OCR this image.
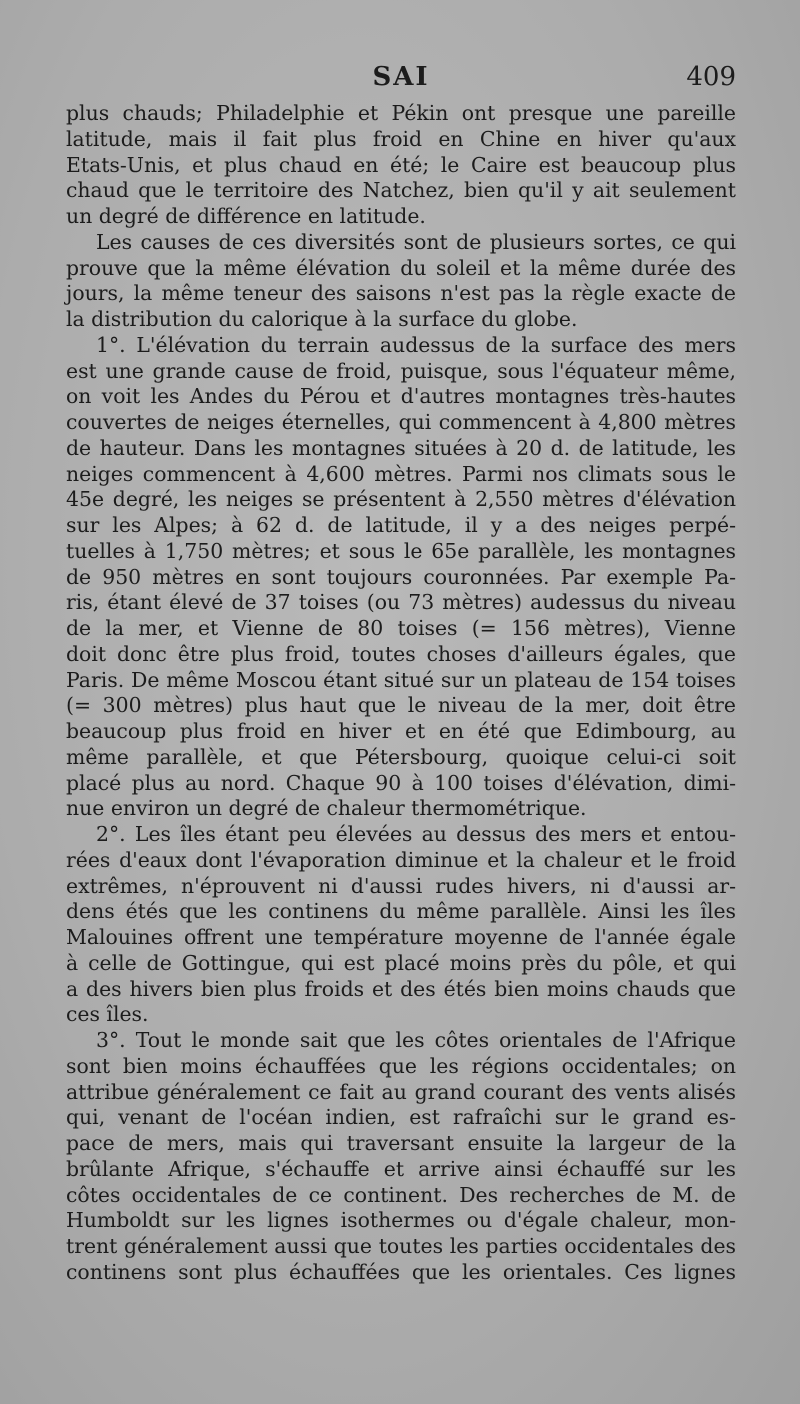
SAI	409
plus chauds; Philadelphie et Pékin ont presque une pareille
latitude, mais il fait plus froid en Chine en hiver qu'aux
Etats-Unis, et plus chaud en été; le Caire est beaucoup plus
chaud que le territoire des Natchez, bien qu'il y ait seulement
un degré de différence en latitude.
Les causes de ces diversités sont de plusieurs sortes, ce qui
prouve que la même élévation du soleil et la même durée des
jours, la même teneur des saisons n'est pas la règle exacte de
la distribution du calorique à la surface du globe.
1°. L'élévation du terrain audessus de la surface des mers
est une grande cause de froid, puisque, sous l'équateur même,
on voit les Andes du Pérou et d'autres montagnes très-hautes
couvertes de neiges éternelles, qui commencent à 4,800 mètres
de hauteur. Dans les montagnes situées à 20 d. de latitude, les
neiges commencent à 4,600 mètres. Parmi nos climats sous le
45e degré, les neiges se présentent à 2,550 mètres d'élévation
sur les Alpes; à 62 d. de latitude, il y a des neiges perpé-
tuelles à 1,750 mètres; et sous le 65e parallèle, les montagnes
de 950 mètres en sont toujours couronnées. Par exemple Pa-
ris, étant élevé de 37 toises (ou 73 mètres) audessus du niveau
de la mer, et Vienne de 80 toises (= 156 mètres), Vienne
doit donc être plus froid, toutes choses d'ailleurs égales, que
Paris. De même Moscou étant situé sur un plateau de 154 toises
(= 300 mètres) plus haut que le niveau de la mer, doit être
beaucoup plus froid en hiver et en été que Edimbourg, au
même parallèle, et que Pétersbourg, quoique celui-ci soit
placé plus au nord. Chaque 90 à 100 toises d'élévation, dimi-
nue environ un degré de chaleur thermométrique.
2°. Les îles étant peu élevées au dessus des mers et entou-
rées d'eaux dont l'évaporation diminue et la chaleur et le froid
extrêmes, n'éprouvent ni d'aussi rudes hivers, ni d'aussi ar-
dens étés que les continens du même parallèle. Ainsi les îles
Malouines offrent une température moyenne de l'année égale
à celle de Gottingue, qui est placé moins près du pôle, et qui
a des hivers bien plus froids et des étés bien moins chauds que
ces îles.
3°. Tout le monde sait que les côtes orientales de l'Afrique
sont bien moins échauffées que les régions occidentales; on
attribue généralement ce fait au grand courant des vents alisés
qui, venant de l'océan indien, est rafraîchi sur le grand es-
pace de mers, mais qui traversant ensuite la largeur de la
brûlante Afrique, s'échauffe et arrive ainsi échauffé sur les
côtes occidentales de ce continent. Des recherches de M. de
Humboldt sur les lignes isothermes ou d'égale chaleur, mon-
trent généralement aussi que toutes les parties occidentales des
continens sont plus échauffées que les orientales. Ces lignes
